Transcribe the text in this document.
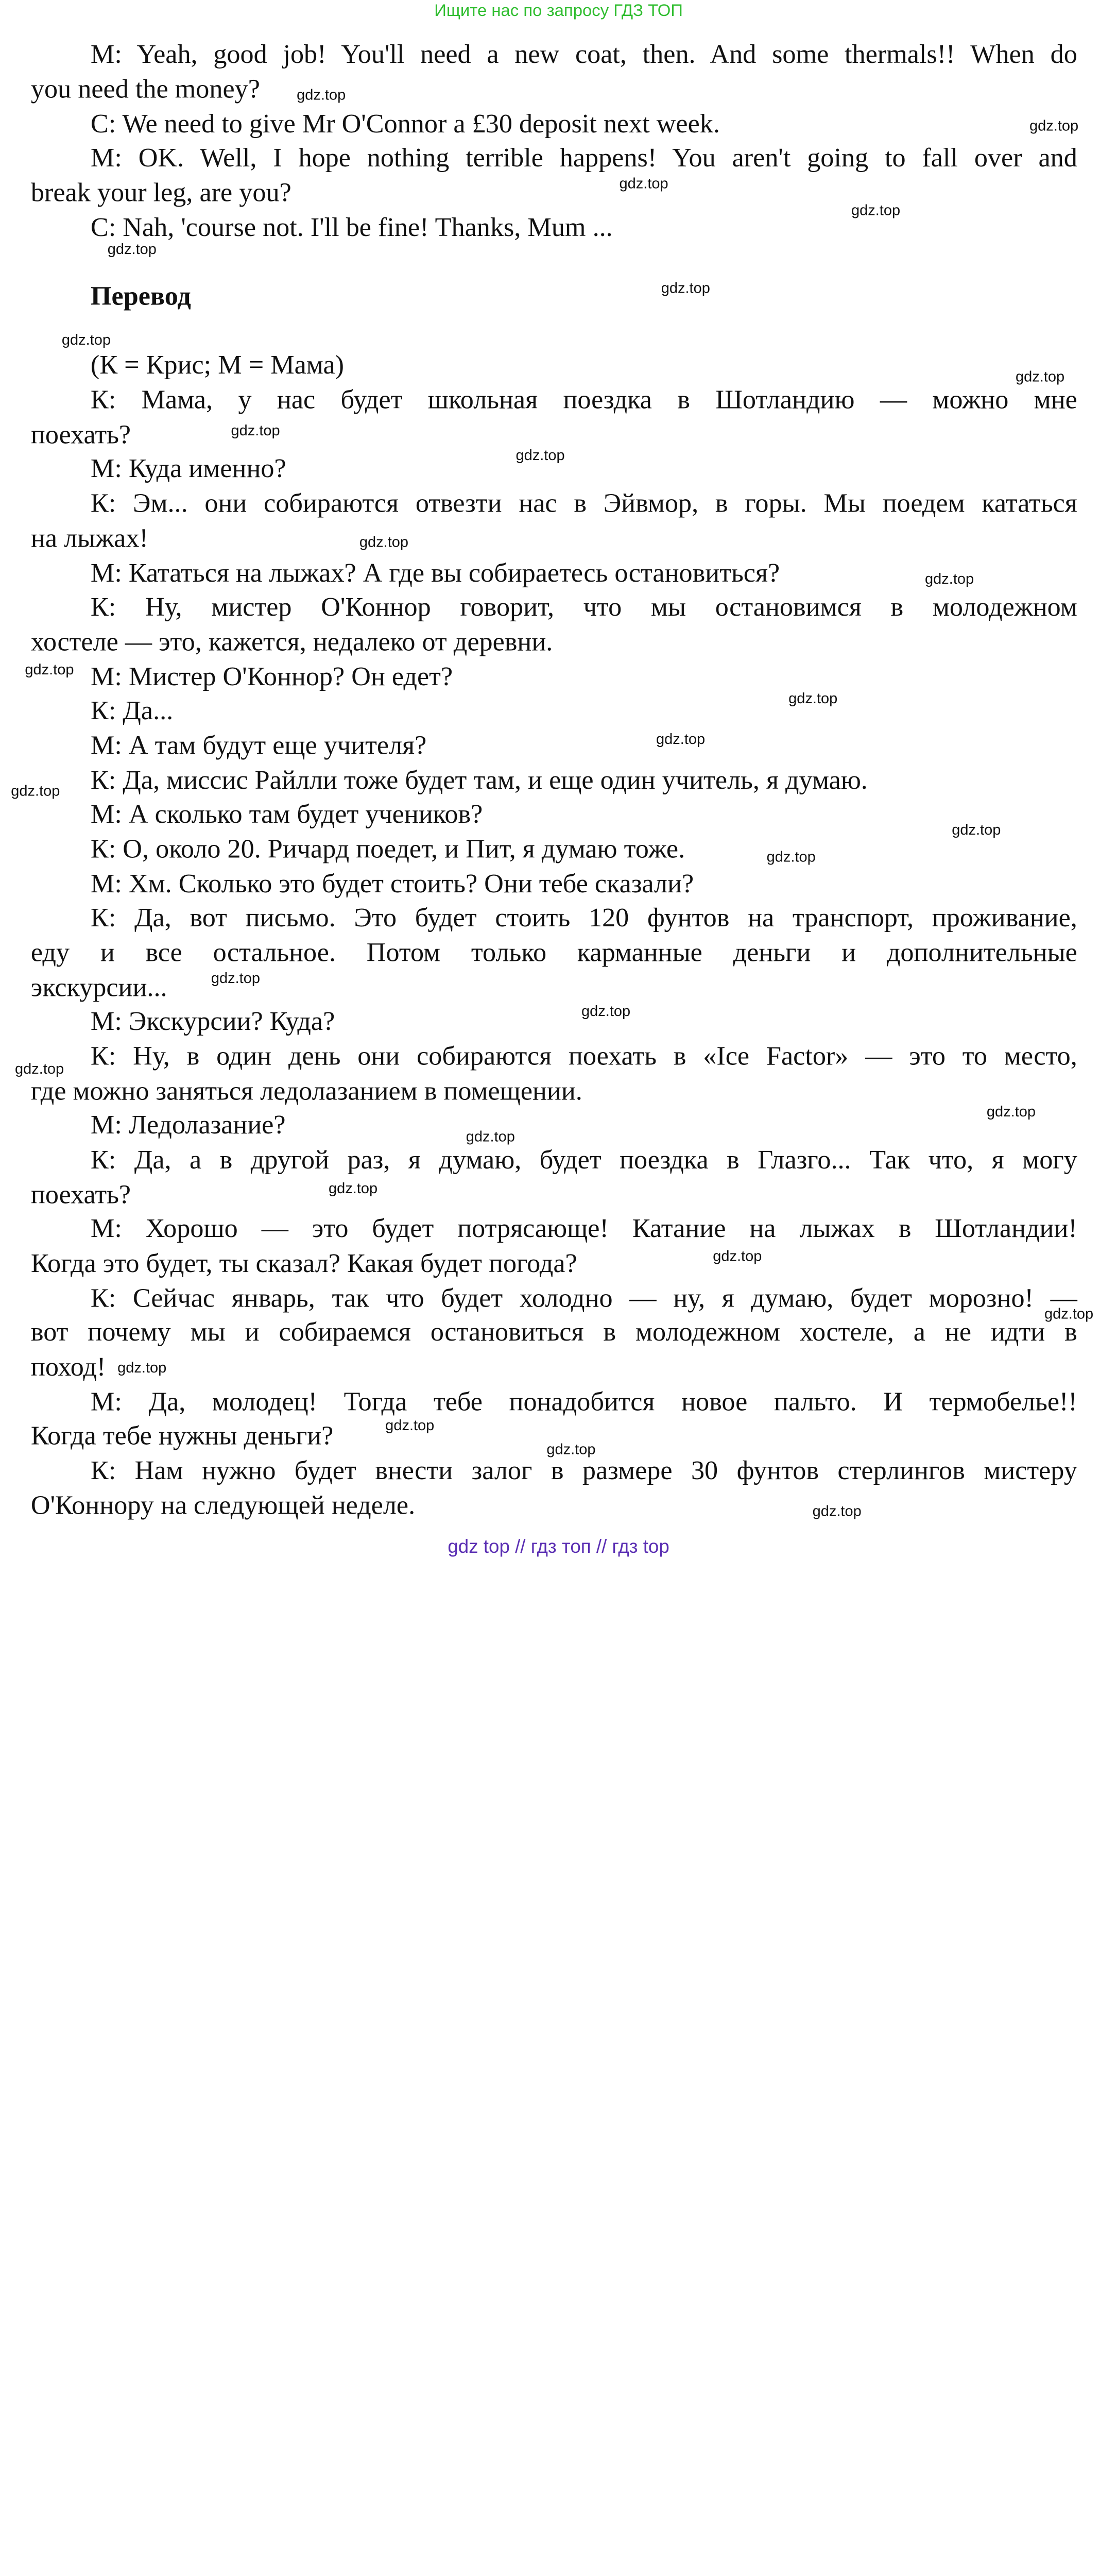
Ищите нас по запросу ГДЗ ТОП
M: Yeah, good job! You'll need a new coat, then. And some thermals!! When do
you need the money?
C: We need to give Mr O'Connor a £30 deposit next week.
M: OK. Well, I hope nothing terrible happens! You aren't going to fall over and
break your leg, are you?
C: Nah, 'course not. I'll be fine! Thanks, Mum ...
Перевод
(К = Крис; М = Мама)
К: Мама, у нас будет школьная поездка в Шотландию — можно мне
поехать?
М: Куда именно?
К: Эм... они собираются отвезти нас в Эйвмор, в горы. Мы поедем кататься
на лыжах!
М: Кататься на лыжах? А где вы собираетесь остановиться?
К: Ну, мистер О'Коннор говорит, что мы остановимся в молодежном
хостеле — это, кажется, недалеко от деревни.
М: Мистер О'Коннор? Он едет?
К: Да...
М: А там будут еще учителя?
К: Да, миссис Райлли тоже будет там, и еще один учитель, я думаю.
М: А сколько там будет учеников?
К: О, около 20. Ричард поедет, и Пит, я думаю тоже.
М: Хм. Сколько это будет стоить? Они тебе сказали?
К: Да, вот письмо. Это будет стоить 120 фунтов на транспорт, проживание,
еду и все остальное. Потом только карманные деньги и дополнительные
экскурсии...
М: Экскурсии? Куда?
К: Ну, в один день они собираются поехать в «Ice Factor» — это то место,
где можно заняться ледолазанием в помещении.
М: Ледолазание?
К: Да, а в другой раз, я думаю, будет поездка в Глазго... Так что, я могу
поехать?
М: Хорошо — это будет потрясающе! Катание на лыжах в Шотландии!
Когда это будет, ты сказал? Какая будет погода?
К: Сейчас январь, так что будет холодно — ну, я думаю, будет морозно! —
вот почему мы и собираемся остановиться в молодежном хостеле, а не идти в
поход!
М: Да, молодец! Тогда тебе понадобится новое пальто. И термобелье!!
Когда тебе нужны деньги?
К: Нам нужно будет внести залог в размере 30 фунтов стерлингов мистеру
О'Коннору на следующей неделе.
gdz.top
gdz.top
gdz.top
gdz.top
gdz.top
gdz.top
gdz.top
gdz.top
gdz.top
gdz.top
gdz.top
gdz.top
gdz.top
gdz.top
gdz.top
gdz.top
gdz.top
gdz.top
gdz.top
gdz.top
gdz.top
gdz.top
gdz.top
gdz.top
gdz.top
gdz.top
gdz.top
gdz.top
gdz.top
gdz.top
gdz top // гдз топ // гдз top
